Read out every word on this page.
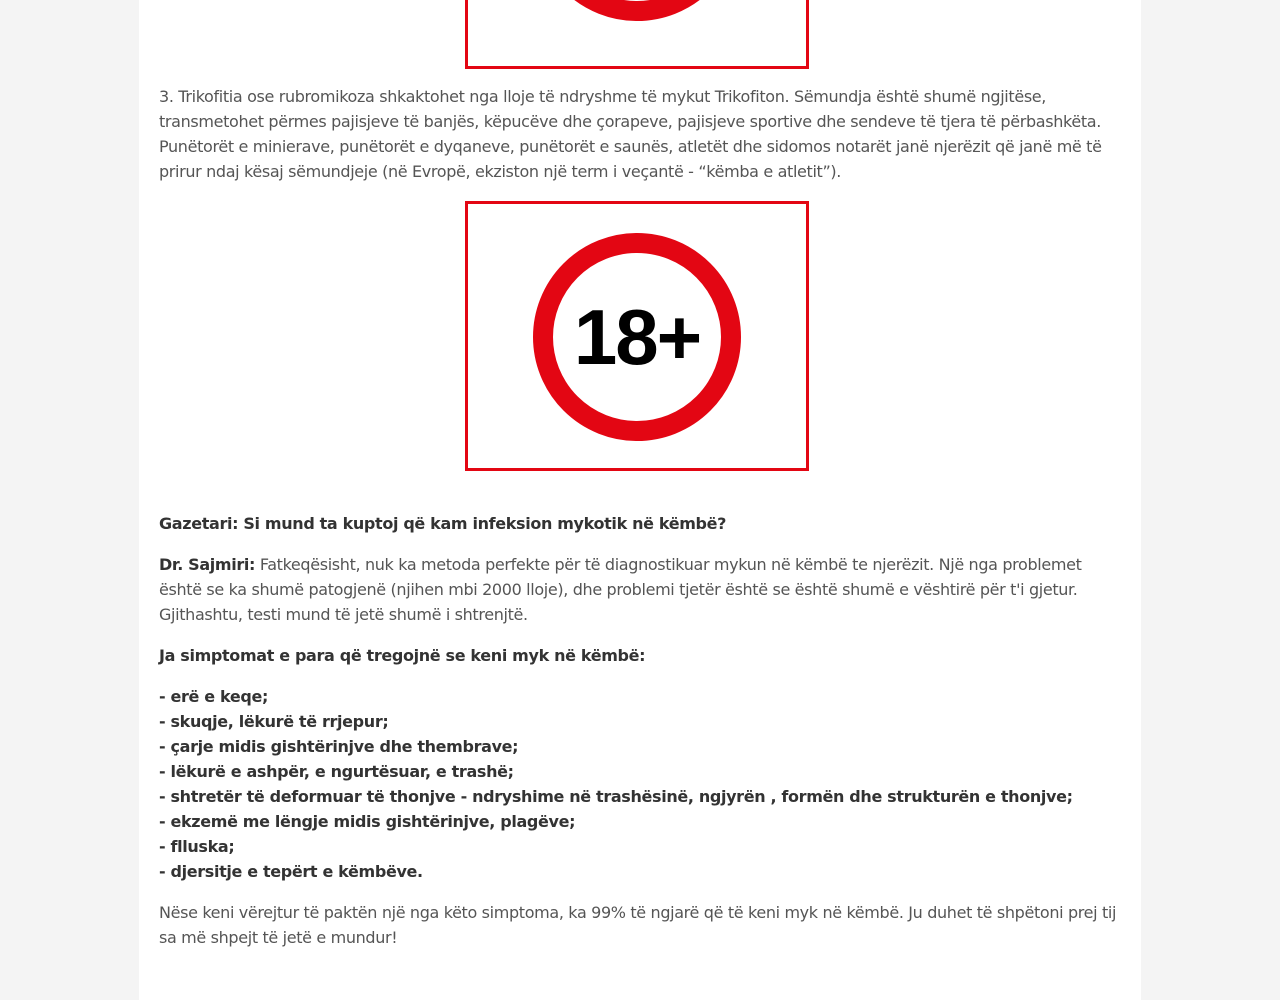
3. Trikofitia ose rubromikoza shkaktohet nga lloje të ndryshme të mykut Trikofiton. Sëmundja është shumë ngjitëse, transmetohet përmes pajisjeve të banjës, këpucëve dhe çorapeve, pajisjeve sportive dhe sendeve të tjera të përbashkëta. Punëtorët e minierave, punëtorët e dyqaneve, punëtorët e saunës, atletët dhe sidomos notarët janë njerëzit që janë më të prirur ndaj kësaj sëmundjeje (në Evropë, ekziston një term i veçantë - “këmba e atletit”).

18+

Gazetari: Si mund ta kuptoj që kam infeksion mykotik në këmbë?

Dr. Sajmiri: Fatkeqësisht, nuk ka metoda perfekte për të diagnostikuar mykun në këmbë te njerëzit. Një nga problemet është se ka shumë patogjenë (njihen mbi 2000 lloje), dhe problemi tjetër është se është shumë e vështirë për t'i gjetur. Gjithashtu, testi mund të jetë shumë i shtrenjtë.

Ja simptomat e para që tregojnë se keni myk në këmbë:

- erë e keqe;

- skuqje, lëkurë të rrjepur;

- çarje midis gishtërinjve dhe thembrave;

- lëkurë e ashpër, e ngurtësuar, e trashë;

- shtretër të deformuar të thonjve - ndryshime në trashësinë, ngjyrën , formën dhe strukturën e thonjve;

- ekzemë me lëngje midis gishtërinjve, plagëve;

- flluska;

- djersitje e tepërt e këmbëve.

Nëse keni vërejtur të paktën një nga këto simptoma, ka 99% të ngjarë që të keni myk në këmbë. Ju duhet të shpëtoni prej tij sa më shpejt të jetë e mundur!
